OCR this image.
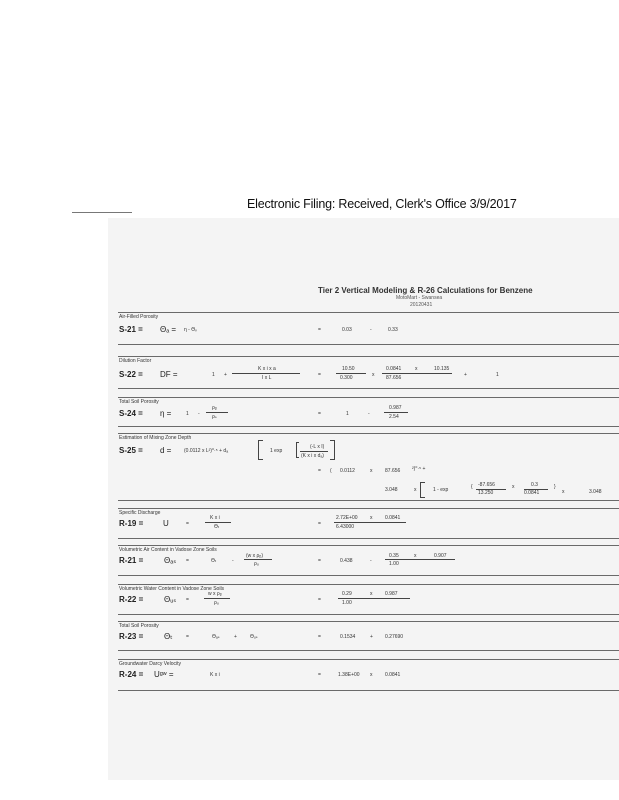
Electronic Filing: Received, Clerk's Office 3/9/2017
Tier 2 Vertical Modeling & R-26 Calculations for Benzene
MotoMart - Swansea
20120431
Air-Filled Porosity
S-21 = Θₐ = η - Θᵥ	=	0.03	-	0.33
Dilution Factor
S-22 = DF =	1 +
K x i x a
I x L	=
10.50
0.300	x
0.0841
87.656
x	10.135
+	1
Total Soil Porosity
S-24 = η =	1 -
ρᵦ
ρₛ	=	1	-
0.987
2.54
Estimation of Mixing Zone Depth
S-25 = d =	(0.0112 x L²)⁰·⁵ + dₐ	1 exp
(-L x I)
(K x i x dₐ)
= ( 0.0112	x	87.656 ²)⁰·⁵ +
3.048	x	1 - exp	{ -87.656
13.250
x	0.3
0.0841
}
x	3.048
Specific Discharge
R-19 = U	=
K x i
Θₜ	=
2.72E+00
6.43000
x	0.0841
Volumetric Air Content in Vadose Zone Soils
R-21 =	Θₐₛ =	Θₜ	-
(w x ρᵦ)
ρᵤ	=	0.438	-
0.35
1.00
x	0.907
Volumetric Water Content in Vadose Zone Soils
R-22 =	Θᵤₛ =
w x ρᵦ
ρᵤ	=
0.29
1.00
x	0.987
Total Soil Porosity
R-23 =	Θₜ	=	Θₐₛ	+	Θᵤₛ	=	0.1534	+ 0.27690
Groundwater Darcy Velocity
R-24 = Uᵍʷ =	K x i	=	1.38E+00 x	0.0841
